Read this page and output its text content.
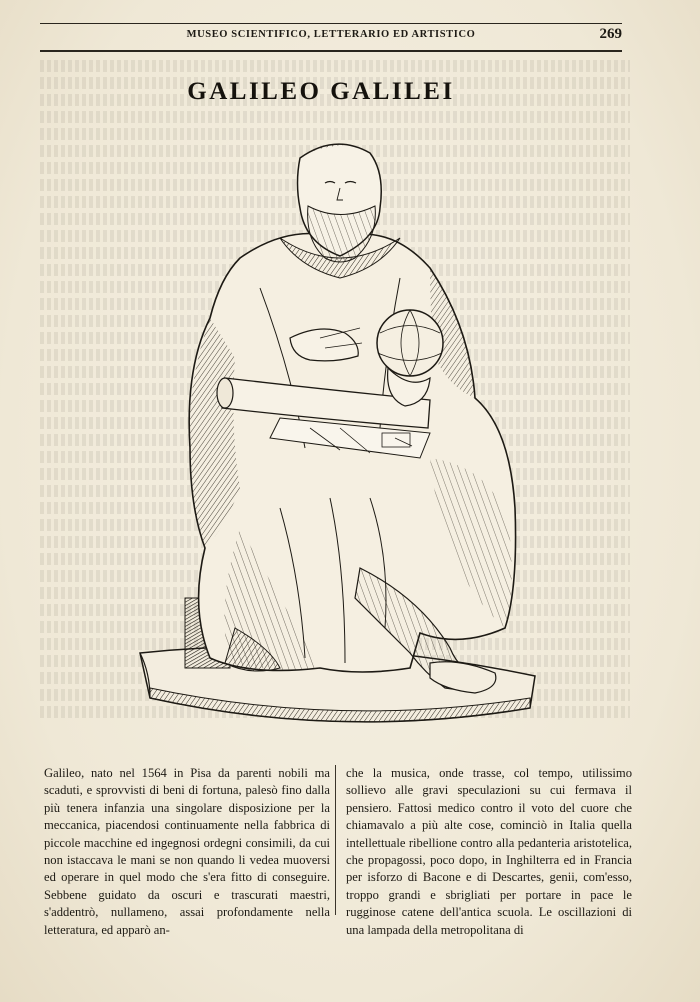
MUSEO SCIENTIFICO, LETTERARIO ED ARTISTICO	269
GALILEO GALILEI
Galileo, nato nel 1564 in Pisa da parenti nobili ma scaduti, e sprovvisti di beni di fortuna, palesò fino dalla più tenera infanzia una singolare disposizione per la meccanica, piacendosi continuamente nella fabbrica di piccole macchine ed ingegnosi ordegni consimili, da cui non istaccava le mani se non quando li vedea muoversi ed operare in quel modo che s'era fitto di conseguire. Sebbene guidato da oscuri e trascurati maestri, s'addentrò, nullameno, assai profondamente nella letteratura, ed apparò an-
che la musica, onde trasse, col tempo, utilissimo sollievo alle gravi speculazioni su cui fermava il pensiero. Fattosi medico contro il voto del cuore che chiamavalo a più alte cose, cominciò in Italia quella intellettuale ribellione contro alla pedanteria aristotelica, che propagossi, poco dopo, in Inghilterra ed in Francia per isforzo di Bacone e di Descartes, genii, com'esso, troppo grandi e sbrigliati per portare in pace le rugginose catene dell'antica scuola. Le oscillazioni di una lampada della metropolitana di
